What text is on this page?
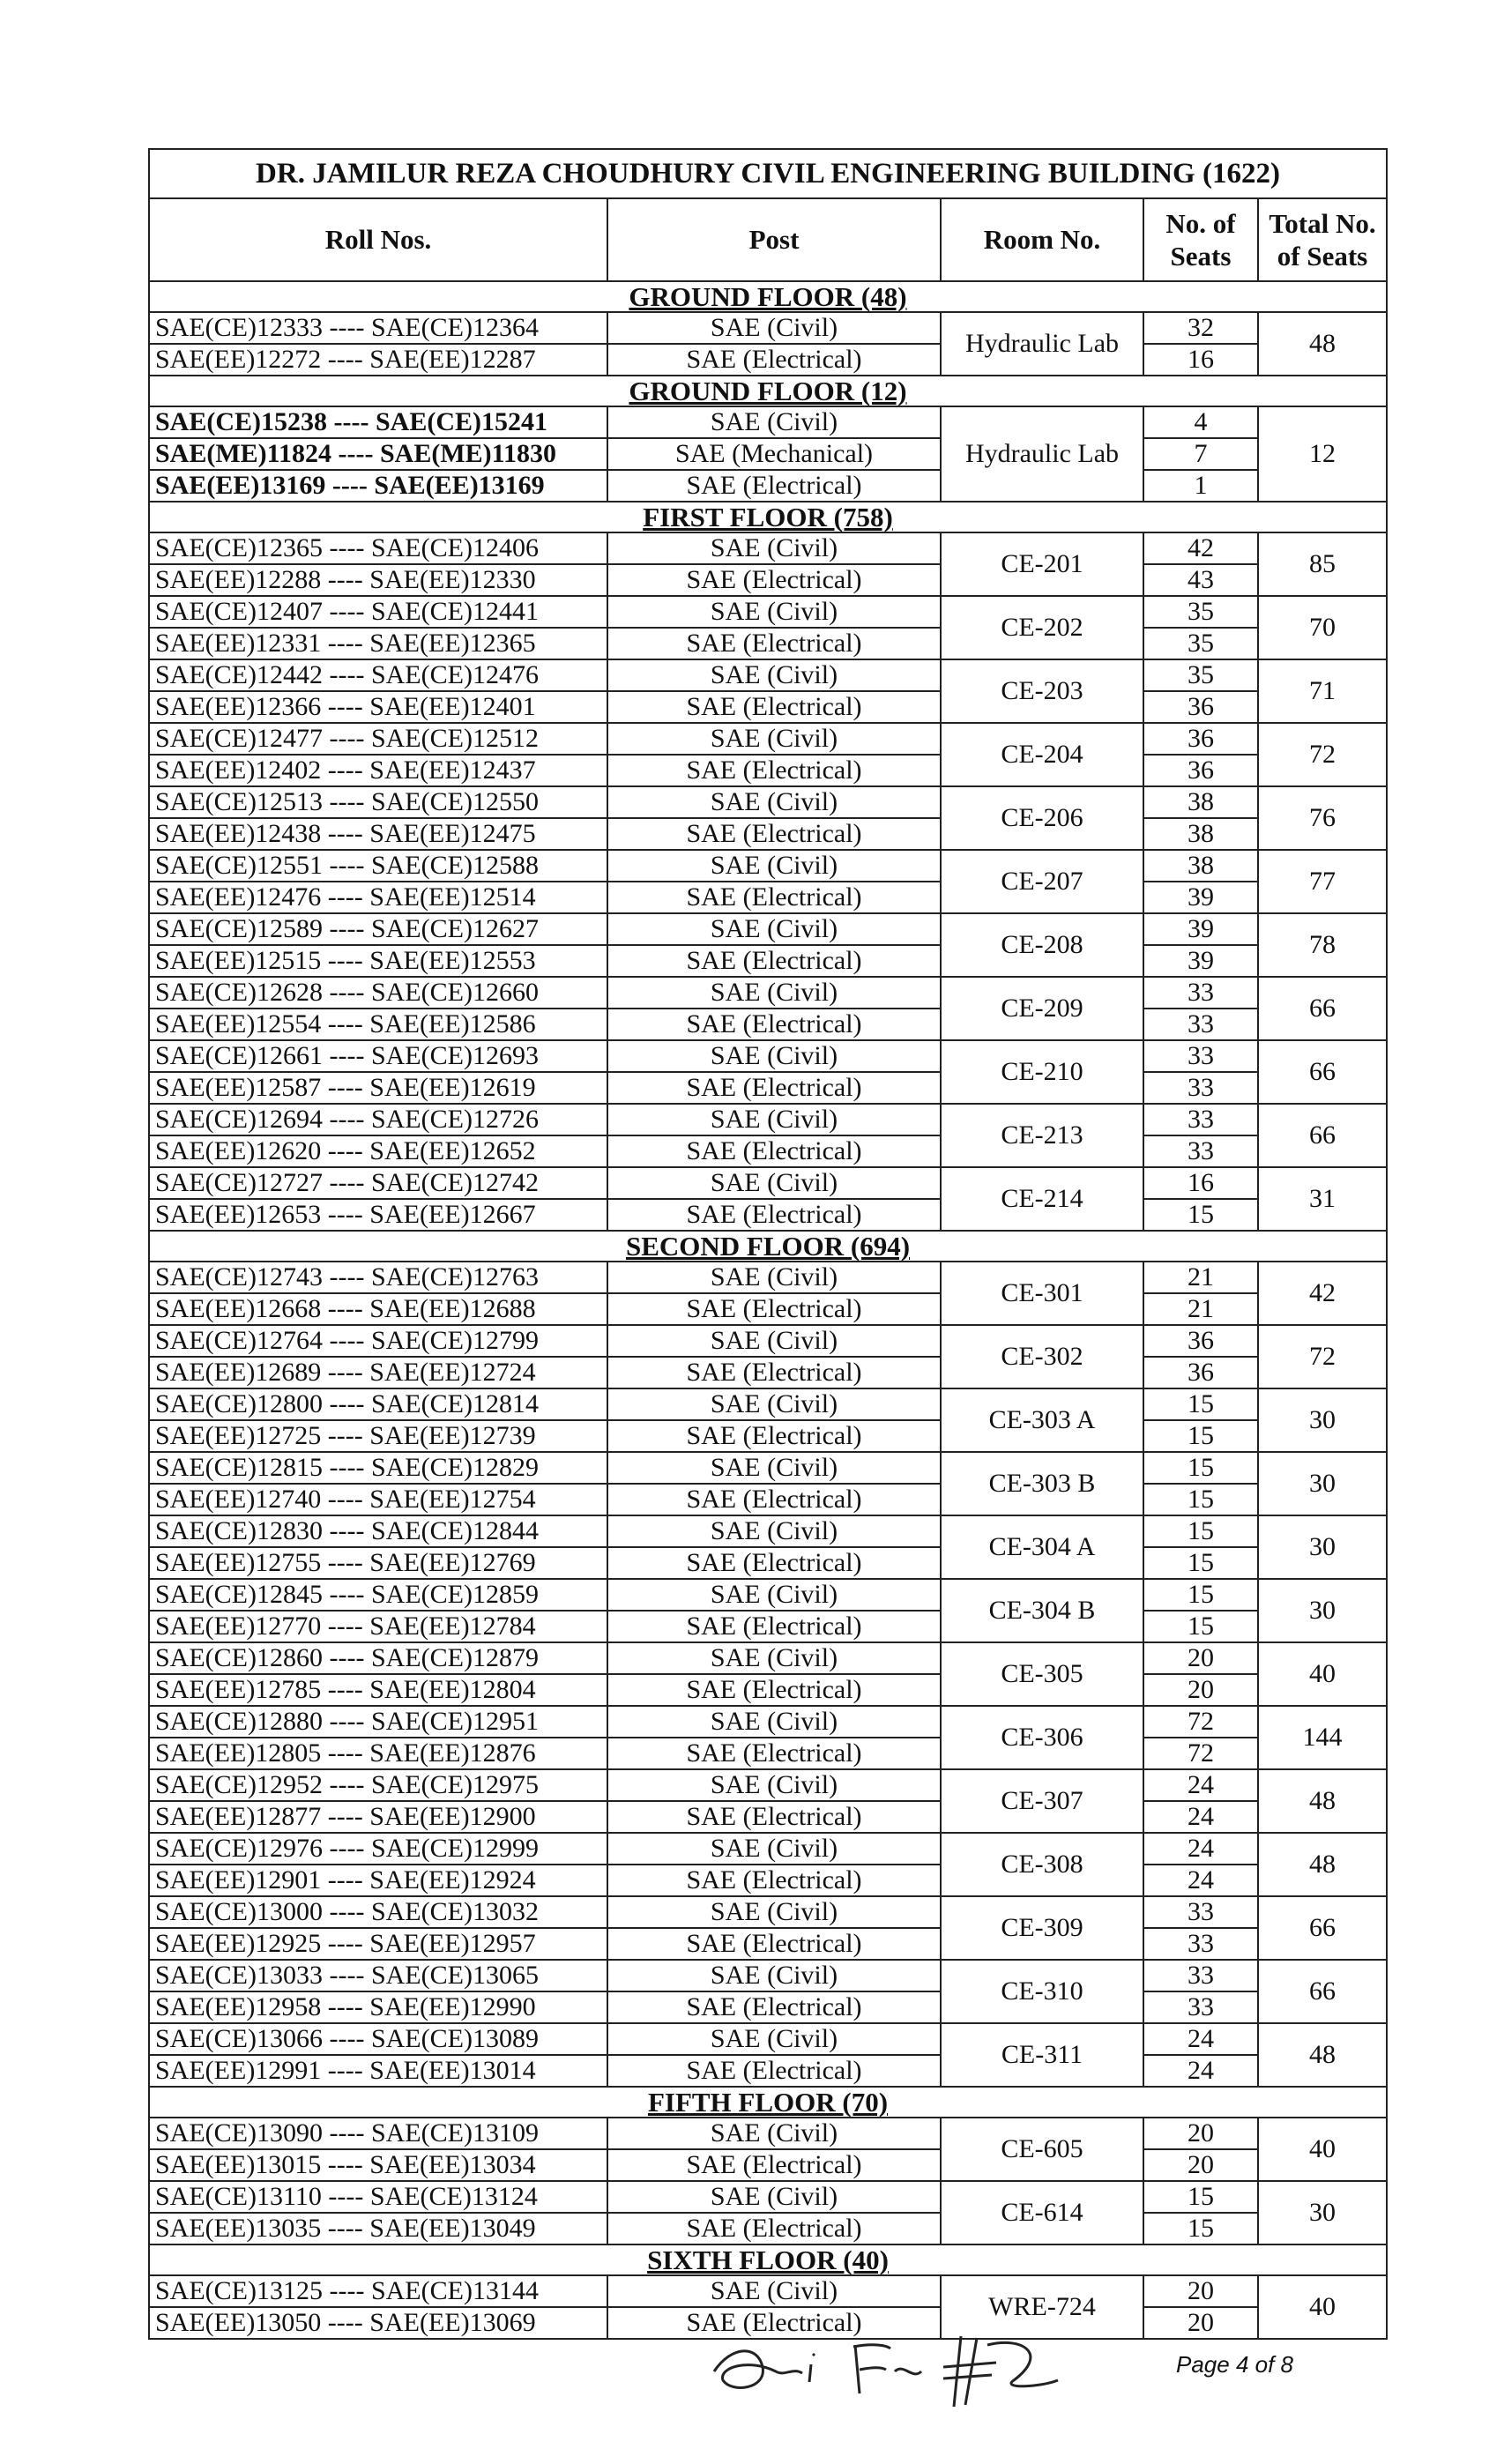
DR. JAMILUR REZA CHOUDHURY CIVIL ENGINEERING BUILDING (1622)				
Roll Nos.	Post	Room No.	No. of Seats	Total No. of Seats
GROUND FLOOR (48)				
SAE(CE)12333 ---- SAE(CE)12364	SAE (Civil)	Hydraulic Lab	32	48
SAE(EE)12272 ---- SAE(EE)12287	SAE (Electrical)		16	
GROUND FLOOR (12)				
SAE(CE)15238 ---- SAE(CE)15241	SAE (Civil)	Hydraulic Lab	4	12
SAE(ME)11824 ---- SAE(ME)11830	SAE (Mechanical)		7	
SAE(EE)13169 ---- SAE(EE)13169	SAE (Electrical)		1	
FIRST FLOOR (758)				
SAE(CE)12365 ---- SAE(CE)12406	SAE (Civil)	CE-201	42	85
SAE(EE)12288 ---- SAE(EE)12330	SAE (Electrical)		43	
SAE(CE)12407 ---- SAE(CE)12441	SAE (Civil)	CE-202	35	70
SAE(EE)12331 ---- SAE(EE)12365	SAE (Electrical)		35	
SAE(CE)12442 ---- SAE(CE)12476	SAE (Civil)	CE-203	35	71
SAE(EE)12366 ---- SAE(EE)12401	SAE (Electrical)		36	
SAE(CE)12477 ---- SAE(CE)12512	SAE (Civil)	CE-204	36	72
SAE(EE)12402 ---- SAE(EE)12437	SAE (Electrical)		36	
SAE(CE)12513 ---- SAE(CE)12550	SAE (Civil)	CE-206	38	76
SAE(EE)12438 ---- SAE(EE)12475	SAE (Electrical)		38	
SAE(CE)12551 ---- SAE(CE)12588	SAE (Civil)	CE-207	38	77
SAE(EE)12476 ---- SAE(EE)12514	SAE (Electrical)		39	
SAE(CE)12589 ---- SAE(CE)12627	SAE (Civil)	CE-208	39	78
SAE(EE)12515 ---- SAE(EE)12553	SAE (Electrical)		39	
SAE(CE)12628 ---- SAE(CE)12660	SAE (Civil)	CE-209	33	66
SAE(EE)12554 ---- SAE(EE)12586	SAE (Electrical)		33	
SAE(CE)12661 ---- SAE(CE)12693	SAE (Civil)	CE-210	33	66
SAE(EE)12587 ---- SAE(EE)12619	SAE (Electrical)		33	
SAE(CE)12694 ---- SAE(CE)12726	SAE (Civil)	CE-213	33	66
SAE(EE)12620 ---- SAE(EE)12652	SAE (Electrical)		33	
SAE(CE)12727 ---- SAE(CE)12742	SAE (Civil)	CE-214	16	31
SAE(EE)12653 ---- SAE(EE)12667	SAE (Electrical)		15	
SECOND FLOOR (694)				
SAE(CE)12743 ---- SAE(CE)12763	SAE (Civil)	CE-301	21	42
SAE(EE)12668 ---- SAE(EE)12688	SAE (Electrical)		21	
SAE(CE)12764 ---- SAE(CE)12799	SAE (Civil)	CE-302	36	72
SAE(EE)12689 ---- SAE(EE)12724	SAE (Electrical)		36	
SAE(CE)12800 ---- SAE(CE)12814	SAE (Civil)	CE-303 A	15	30
SAE(EE)12725 ---- SAE(EE)12739	SAE (Electrical)		15	
SAE(CE)12815 ---- SAE(CE)12829	SAE (Civil)	CE-303 B	15	30
SAE(EE)12740 ---- SAE(EE)12754	SAE (Electrical)		15	
SAE(CE)12830 ---- SAE(CE)12844	SAE (Civil)	CE-304 A	15	30
SAE(EE)12755 ---- SAE(EE)12769	SAE (Electrical)		15	
SAE(CE)12845 ---- SAE(CE)12859	SAE (Civil)	CE-304 B	15	30
SAE(EE)12770 ---- SAE(EE)12784	SAE (Electrical)		15	
SAE(CE)12860 ---- SAE(CE)12879	SAE (Civil)	CE-305	20	40
SAE(EE)12785 ---- SAE(EE)12804	SAE (Electrical)		20	
SAE(CE)12880 ---- SAE(CE)12951	SAE (Civil)	CE-306	72	144
SAE(EE)12805 ---- SAE(EE)12876	SAE (Electrical)		72	
SAE(CE)12952 ---- SAE(CE)12975	SAE (Civil)	CE-307	24	48
SAE(EE)12877 ---- SAE(EE)12900	SAE (Electrical)		24	
SAE(CE)12976 ---- SAE(CE)12999	SAE (Civil)	CE-308	24	48
SAE(EE)12901 ---- SAE(EE)12924	SAE (Electrical)		24	
SAE(CE)13000 ---- SAE(CE)13032	SAE (Civil)	CE-309	33	66
SAE(EE)12925 ---- SAE(EE)12957	SAE (Electrical)		33	
SAE(CE)13033 ---- SAE(CE)13065	SAE (Civil)	CE-310	33	66
SAE(EE)12958 ---- SAE(EE)12990	SAE (Electrical)		33	
SAE(CE)13066 ---- SAE(CE)13089	SAE (Civil)	CE-311	24	48
SAE(EE)12991 ---- SAE(EE)13014	SAE (Electrical)		24	
FIFTH FLOOR (70)				
SAE(CE)13090 ---- SAE(CE)13109	SAE (Civil)	CE-605	20	40
SAE(EE)13015 ---- SAE(EE)13034	SAE (Electrical)		20	
SAE(CE)13110 ---- SAE(CE)13124	SAE (Civil)	CE-614	15	30
SAE(EE)13035 ---- SAE(EE)13049	SAE (Electrical)		15	
SIXTH FLOOR (40)				
SAE(CE)13125 ---- SAE(CE)13144	SAE (Civil)	WRE-724	20	40
SAE(EE)13050 ---- SAE(EE)13069	SAE (Electrical)		20	
Page 4 of 8
